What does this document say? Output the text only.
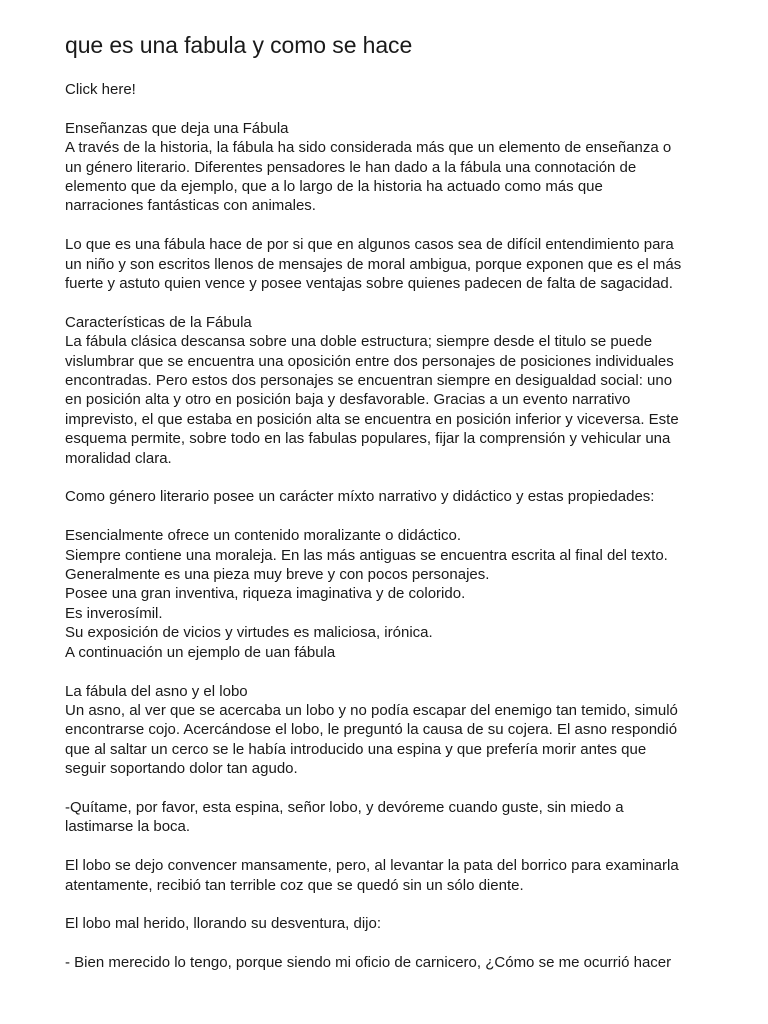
que es una fabula y como se hace
Click here!
Enseñanzas que deja una Fábula
A través de la historia, la fábula ha sido considerada más que un elemento de enseñanza o
un género literario. Diferentes pensadores le han dado a la fábula una connotación de
elemento que da ejemplo, que a lo largo de la historia ha actuado como más que
narraciones fantásticas con animales.
Lo que es una fábula hace de por si que en algunos casos sea de difícil entendimiento para
un niño y son escritos llenos de mensajes de moral ambigua, porque exponen que es el más
fuerte y astuto quien vence y posee ventajas sobre quienes padecen de falta de sagacidad.
Características de la Fábula
La fábula clásica descansa sobre una doble estructura; siempre desde el titulo se puede
vislumbrar que se encuentra una oposición entre dos personajes de posiciones individuales
encontradas. Pero estos dos personajes se encuentran siempre en desigualdad social: uno
en posición alta y otro en posición baja y desfavorable. Gracias a un evento narrativo
imprevisto, el que estaba en posición alta se encuentra en posición inferior y viceversa. Este
esquema permite, sobre todo en las fabulas populares, fijar la comprensión y vehicular una
moralidad clara.
Como género literario posee un carácter míxto narrativo y didáctico y estas propiedades:
Esencialmente ofrece un contenido moralizante o didáctico.
Siempre contiene una moraleja. En las más antiguas se encuentra escrita al final del texto.
Generalmente es una pieza muy breve y con pocos personajes.
Posee una gran inventiva, riqueza imaginativa y de colorido.
Es inverosímil.
Su exposición de vicios y virtudes es maliciosa, irónica.
A continuación un ejemplo de uan fábula
La fábula del asno y el lobo
Un asno, al ver que se acercaba un lobo y no podía escapar del enemigo tan temido, simuló
encontrarse cojo. Acercándose el lobo, le preguntó la causa de su cojera. El asno respondió
que al saltar un cerco se le había introducido una espina y que prefería morir antes que
seguir soportando dolor tan agudo.
-Quítame, por favor, esta espina, señor lobo, y devóreme cuando guste, sin miedo a
lastimarse la boca.
El lobo se dejo convencer mansamente, pero, al levantar la pata del borrico para examinarla
atentamente, recibió tan terrible coz que se quedó sin un sólo diente.
El lobo mal herido, llorando su desventura, dijo:
- Bien merecido lo tengo, porque siendo mi oficio de carnicero, ¿Cómo se me ocurrió hacer
